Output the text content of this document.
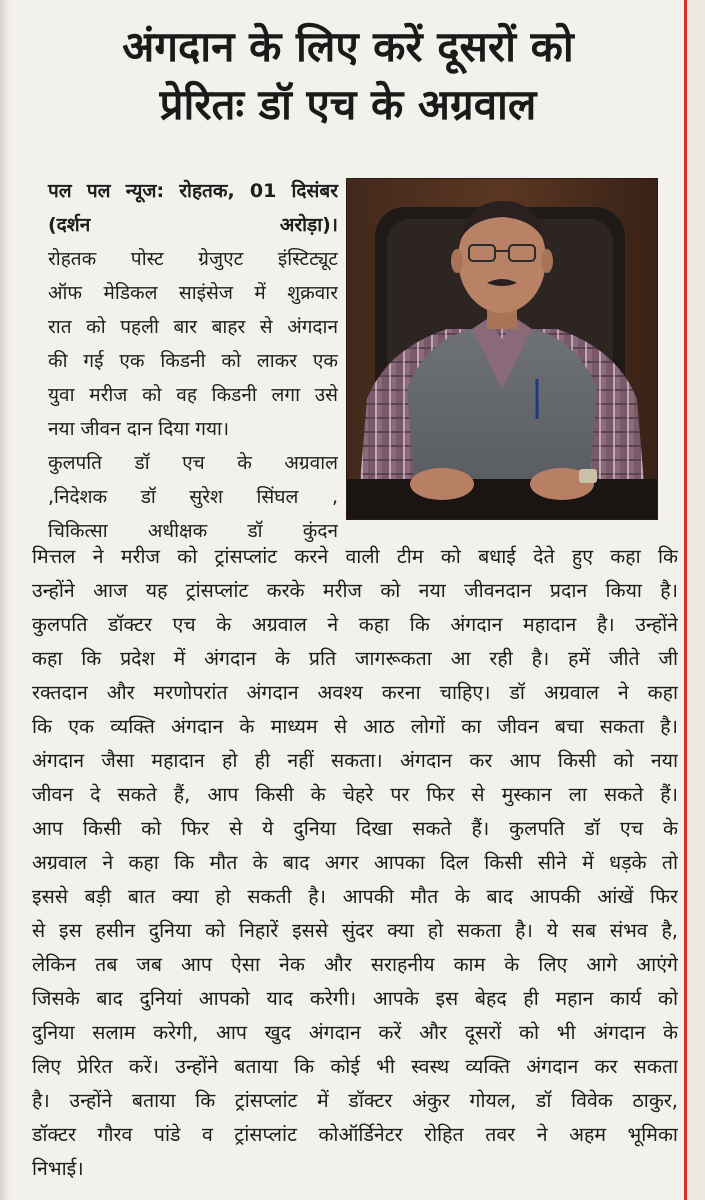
अंगदान के लिए करें दूसरों को
प्रेरितः डॉ एच के अग्रवाल
पल पल न्यूज: रोहतक, 01 दिसंबर (दर्शन अरोड़ा)।
रोहतक पोस्ट ग्रेजुएट इंस्टिट्यूट
ऑफ मेडिकल साइंसेज में शुक्रवार
रात को पहली बार बाहर से अंगदान
की गई एक किडनी को लाकर एक
युवा मरीज को वह किडनी लगा उसे
नया जीवन दान दिया गया।
कुलपति डॉ एच के अग्रवाल
,निदेशक डॉ सुरेश सिंघल ,
चिकित्सा अधीक्षक डॉ कुंदन
मित्तल ने मरीज को ट्रांसप्लांट करने वाली टीम को बधाई देते हुए कहा कि
उन्होंने आज यह ट्रांसप्लांट करके मरीज को नया जीवनदान प्रदान किया है।
कुलपति डॉक्टर एच के अग्रवाल ने कहा कि अंगदान महादान है। उन्होंने
कहा कि प्रदेश में अंगदान के प्रति जागरूकता आ रही है। हमें जीते जी
रक्तदान और मरणोपरांत अंगदान अवश्य करना चाहिए। डॉ अग्रवाल ने कहा
कि एक व्यक्ति अंगदान के माध्यम से आठ लोगों का जीवन बचा सकता है।
अंगदान जैसा महादान हो ही नहीं सकता। अंगदान कर आप किसी को नया
जीवन दे सकते हैं, आप किसी के चेहरे पर फिर से मुस्कान ला सकते हैं।
आप किसी को फिर से ये दुनिया दिखा सकते हैं। कुलपति डॉ एच के
अग्रवाल ने कहा कि मौत के बाद अगर आपका दिल किसी सीने में धड़के तो
इससे बड़ी बात क्या हो सकती है। आपकी मौत के बाद आपकी आंखें फिर
से इस हसीन दुनिया को निहारें इससे सुंदर क्या हो सकता है। ये सब संभव है,
लेकिन तब जब आप ऐसा नेक और सराहनीय काम के लिए आगे आएंगे
जिसके बाद दुनियां आपको याद करेगी। आपके इस बेहद ही महान कार्य को
दुनिया सलाम करेगी, आप खुद अंगदान करें और दूसरों को भी अंगदान के
लिए प्रेरित करें। उन्होंने बताया कि कोई भी स्वस्थ व्यक्ति अंगदान कर सकता
है। उन्होंने बताया कि ट्रांसप्लांट में डॉक्टर अंकुर गोयल, डॉ विवेक ठाकुर,
डॉक्टर गौरव पांडे व ट्रांसप्लांट कोऑर्डिनेटर रोहित तवर ने अहम भूमिका
निभाई।
